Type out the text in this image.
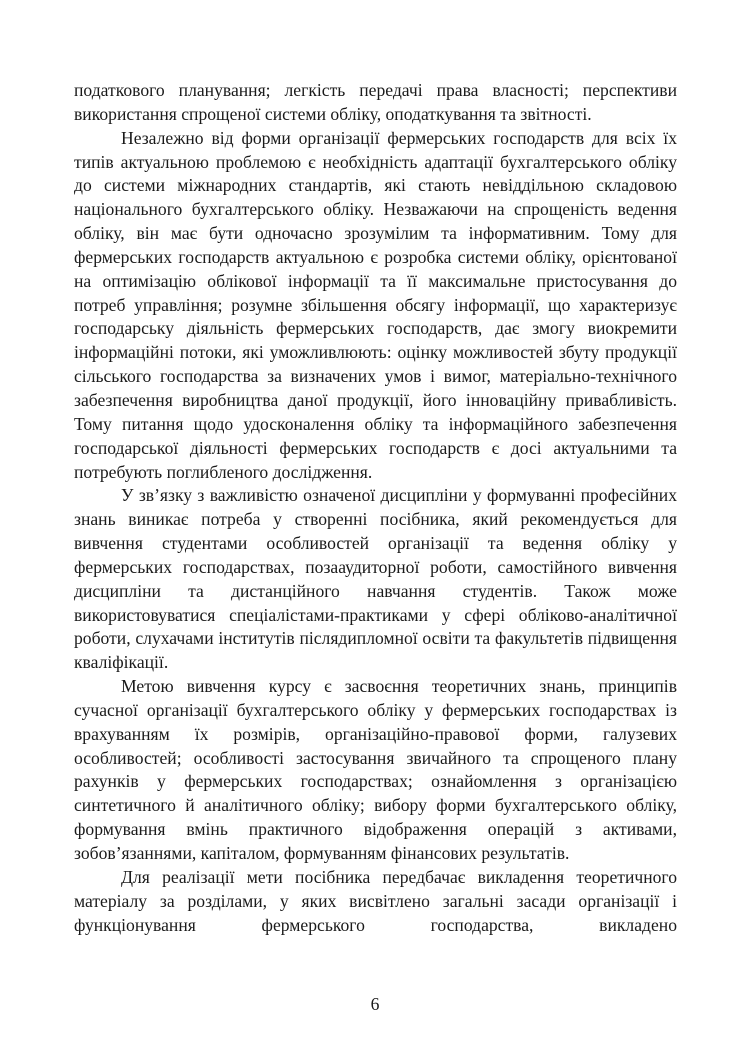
податкового планування; легкість передачі права власності; перспективи використання спрощеної системи обліку, оподаткування та звітності.

Незалежно від форми організації фермерських господарств для всіх їх типів актуальною проблемою є необхідність адаптації бухгалтерського обліку до системи міжнародних стандартів, які стають невіддільною складовою національного бухгалтерського обліку. Незважаючи на спрощеність ведення обліку, він має бути одночасно зрозумілим та інформативним. Тому для фермерських господарств актуальною є розробка системи обліку, орієнтованої на оптимізацію облікової інформації та її максимальне пристосування до потреб управління; розумне збільшення обсягу інформації, що характеризує господарську діяльність фермерських господарств, дає змогу виокремити інформаційні потоки, які уможливлюють: оцінку можливостей збуту продукції сільського господарства за визначених умов і вимог, матеріально-технічного забезпечення виробництва даної продукції, його інноваційну привабливість. Тому питання щодо удосконалення обліку та інформаційного забезпечення господарської діяльності фермерських господарств є досі актуальними та потребують поглибленого дослідження.

У зв’язку з важливістю означеної дисципліни у формуванні професійних знань виникає потреба у створенні посібника, який рекомендується для вивчення студентами особливостей організації та ведення обліку у фермерських господарствах, позааудиторної роботи, самостійного вивчення дисципліни та дистанційного навчання студентів. Також може використовуватися спеціалістами-практиками у сфері обліково-аналітичної роботи, слухачами інститутів післядипломної освіти та факультетів підвищення кваліфікації.

Метою вивчення курсу є засвоєння теоретичних знань, принципів сучасної організації бухгалтерського обліку у фермерських господарствах із врахуванням їх розмірів, організаційно-правової форми, галузевих особливостей; особливості застосування звичайного та спрощеного плану рахунків у фермерських господарствах; ознайомлення з організацією синтетичного й аналітичного обліку; вибору форми бухгалтерського обліку, формування вмінь практичного відображення операцій з активами, зобов’язаннями, капіталом, формуванням фінансових результатів.

Для реалізації мети посібника передбачає викладення теоретичного матеріалу за розділами, у яких висвітлено загальні засади організації і функціонування фермерського господарства, викладено

6
